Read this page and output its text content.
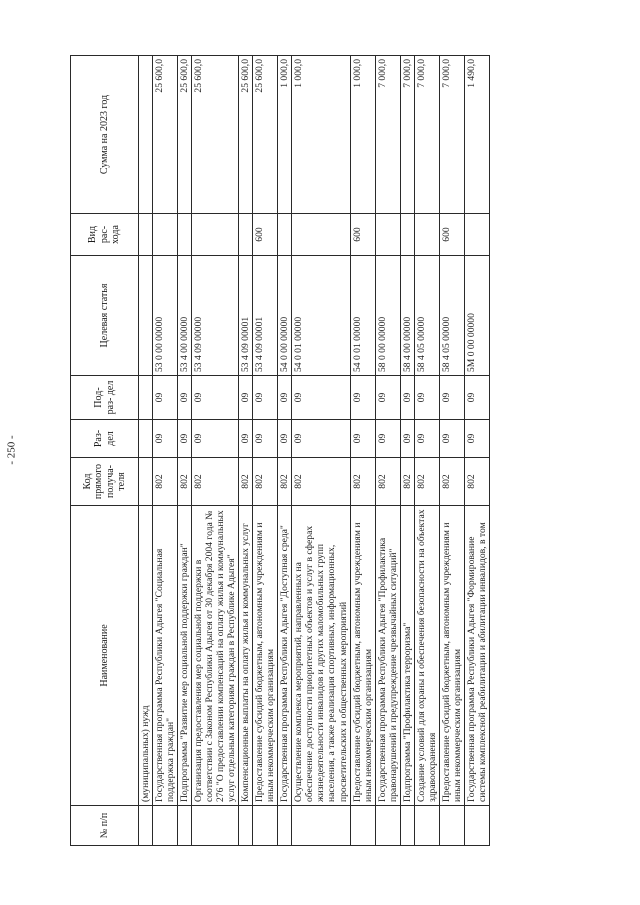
- 250 -
№ п/п	Наименование	Код прямого получа- теля	Раз- дел	Под- раз- дел	Целевая статья	Вид рас- хода	Сумма на 2023 год
	(муниципальных) нужд						
	Государственная программа Республики Адыгея "Социальная поддержка граждан"	802	09	09	53 0 00 00000		25 600,0
	Подпрограмма "Развитие мер социальной поддержки граждан"	802	09	09	53 4 00 00000		25 600,0
	Организация предоставления мер социальной поддержки в соответствии с Законом Республики Адыгея от 30 декабря 2004 года № 276 "О предоставлении компенсаций на оплату жилья и коммунальных услуг отдельным категориям граждан в Республике Адыгея"	802	09	09	53 4 09 00000		25 600,0
	Компенсационные выплаты на оплату жилья и коммунальных услуг	802	09	09	53 4 09 00001		25 600,0
	Предоставление субсидий бюджетным, автономным учреждениям и иным некоммерческим организациям	802	09	09	53 4 09 00001	600	25 600,0
	Государственная программа Республики Адыгея "Доступная среда"	802	09	09	54 0 00 00000		1 000,0
	Осуществление комплекса мероприятий, направленных на обеспечение доступности приоритетных объектов и услуг в сферах жизнедеятельности инвалидов и других маломобильных групп населения, а также реализация спортивных, информационных, просветительских и общественных мероприятий	802	09	09	54 0 01 00000		1 000,0
	Предоставление субсидий бюджетным, автономным учреждениям и иным некоммерческим организациям	802	09	09	54 0 01 00000	600	1 000,0
	Государственная программа Республики Адыгея "Профилактика правонарушений и предупреждение чрезвычайных ситуаций"	802	09	09	58 0 00 00000		7 000,0
	Подпрограмма "Профилактика терроризма"	802	09	09	58 4 00 00000		7 000,0
	Создание условий для охраны и обеспечения безопасности на объектах здравоохранения	802	09	09	58 4 05 00000		7 000,0
	Предоставление субсидий бюджетным, автономным учреждениям и иным некоммерческим организациям	802	09	09	58 4 05 00000	600	7 000,0
	Государственная программа Республики Адыгея "Формирование системы комплексной реабилитации и абилитации инвалидов, в том	802	09	09	5М 0 00 00000		1 490,0
